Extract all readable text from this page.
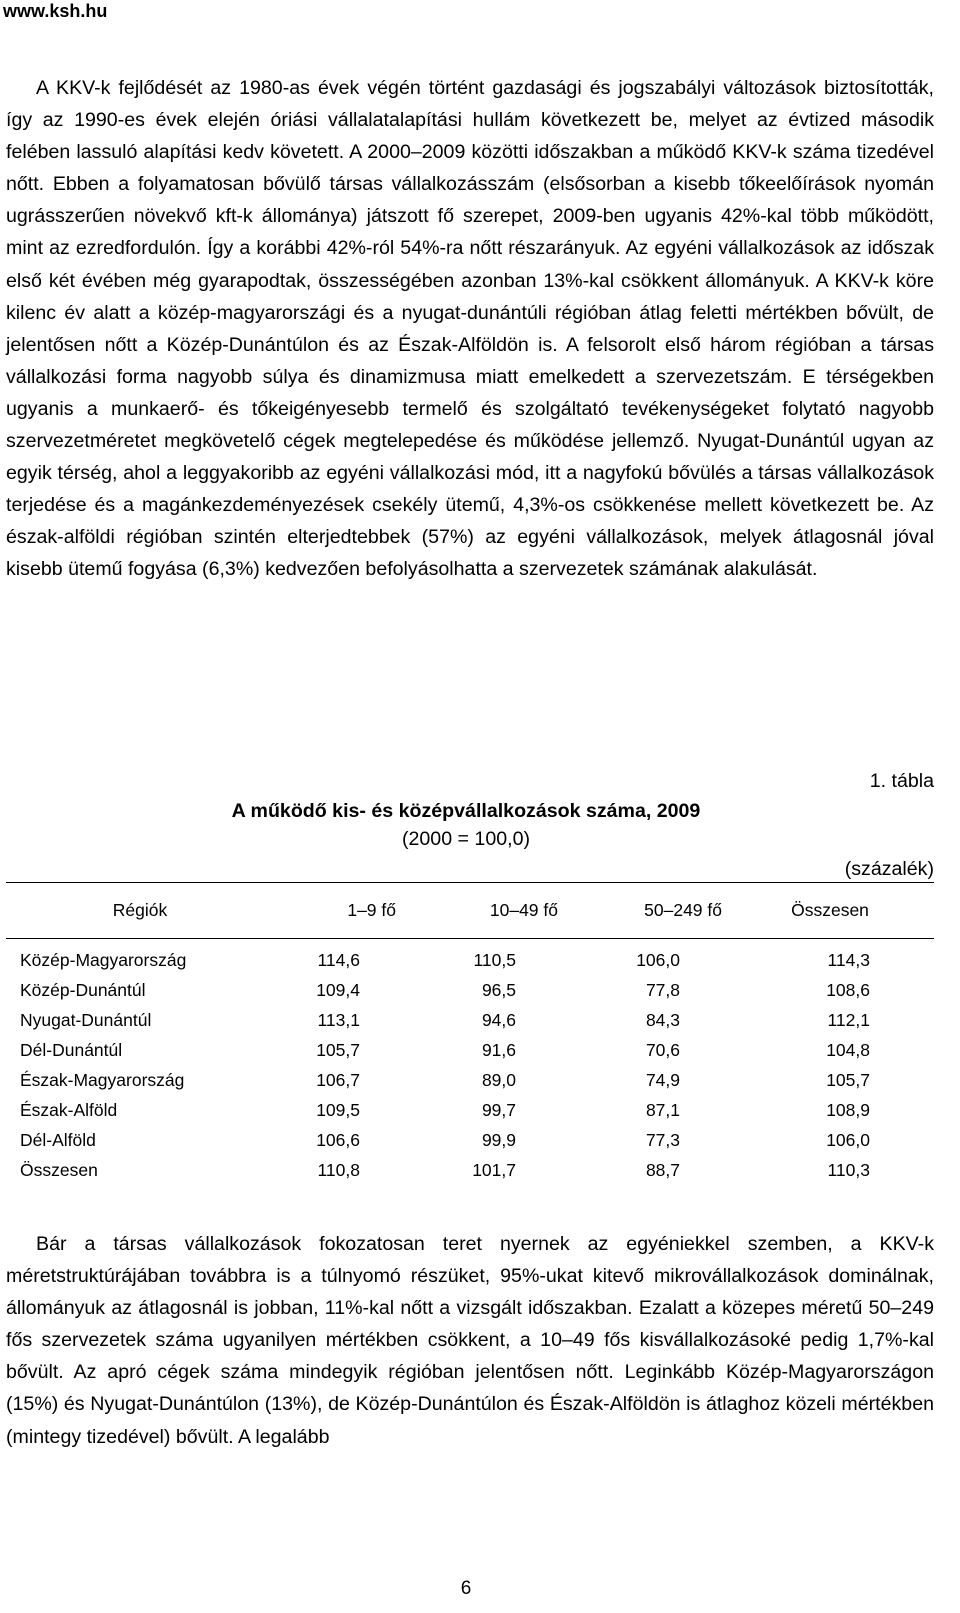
www.ksh.hu

A KKV-k fejlődését az 1980-as évek végén történt gazdasági és jogszabályi változások biztosították, így az 1990-es évek elején óriási vállalatalapítási hullám következett be, melyet az évtized második felében lassuló alapítási kedv követett. A 2000–2009 közötti időszakban a működő KKV-k száma tizedével nőtt. Ebben a folyamatosan bővülő társas vállalkozásszám (elsősorban a kisebb tőkeelőírások nyomán ugrásszerűen növekvő kft-k állománya) játszott fő szerepet, 2009-ben ugyanis 42%-kal több működött, mint az ezredfordulón. Így a korábbi 42%-ról 54%-ra nőtt részarányuk. Az egyéni vállalkozások az időszak első két évében még gyarapodtak, összességében azonban 13%-kal csökkent állományuk. A KKV-k köre kilenc év alatt a közép-magyarországi és a nyugat-dunántúli régióban átlag feletti mértékben bővült, de jelentősen nőtt a Közép-Dunántúlon és az Észak-Alföldön is. A felsorolt első három régióban a társas vállalkozási forma nagyobb súlya és dinamizmusa miatt emelkedett a szervezetszám. E térségekben ugyanis a munkaerő- és tőkeigényesebb termelő és szolgáltató tevékenységeket folytató nagyobb szervezetméretet megkövetelő cégek megtelepedése és működése jellemző. Nyugat-Dunántúl ugyan az egyik térség, ahol a leggyakoribb az egyéni vállalkozási mód, itt a nagyfokú bővülés a társas vállalkozások terjedése és a magánkezdeményezések csekély ütemű, 4,3%-os csökkenése mellett következett be. Az észak-alföldi régióban szintén elterjedtebbek (57%) az egyéni vállalkozások, melyek átlagosnál jóval kisebb ütemű fogyása (6,3%) kedvezően befolyásolhatta a szervezetek számának alakulását.

1. tábla
A működő kis- és középvállalkozások száma, 2009
(2000 = 100,0)
(százalék)
Régiók	1–9 fő	10–49 fő	50–249 fő	Összesen

Közép-Magyarország	114,6	110,5	106,0	114,3
Közép-Dunántúl	109,4	96,5	77,8	108,6
Nyugat-Dunántúl	113,1	94,6	84,3	112,1
Dél-Dunántúl	105,7	91,6	70,6	104,8
Észak-Magyarország	106,7	89,0	74,9	105,7
Észak-Alföld	109,5	99,7	87,1	108,9
Dél-Alföld	106,6	99,9	77,3	106,0
Összesen	110,8	101,7	88,7	110,3

Bár a társas vállalkozások fokozatosan teret nyernek az egyéniekkel szemben, a KKV-k méretstruktúrájában továbbra is a túlnyomó részüket, 95%-ukat kitevő mikrovállalkozások dominálnak, állományuk az átlagosnál is jobban, 11%-kal nőtt a vizsgált időszakban. Ezalatt a közepes méretű 50–249 fős szervezetek száma ugyanilyen mértékben csökkent, a 10–49 fős kisvállalkozásoké pedig 1,7%-kal bővült. Az apró cégek száma mindegyik régióban jelentősen nőtt. Leginkább Közép-Magyarországon (15%) és Nyugat-Dunántúlon (13%), de Közép-Dunántúlon és Észak-Alföldön is átlaghoz közeli mértékben (mintegy tizedével) bővült. A legalább

6
